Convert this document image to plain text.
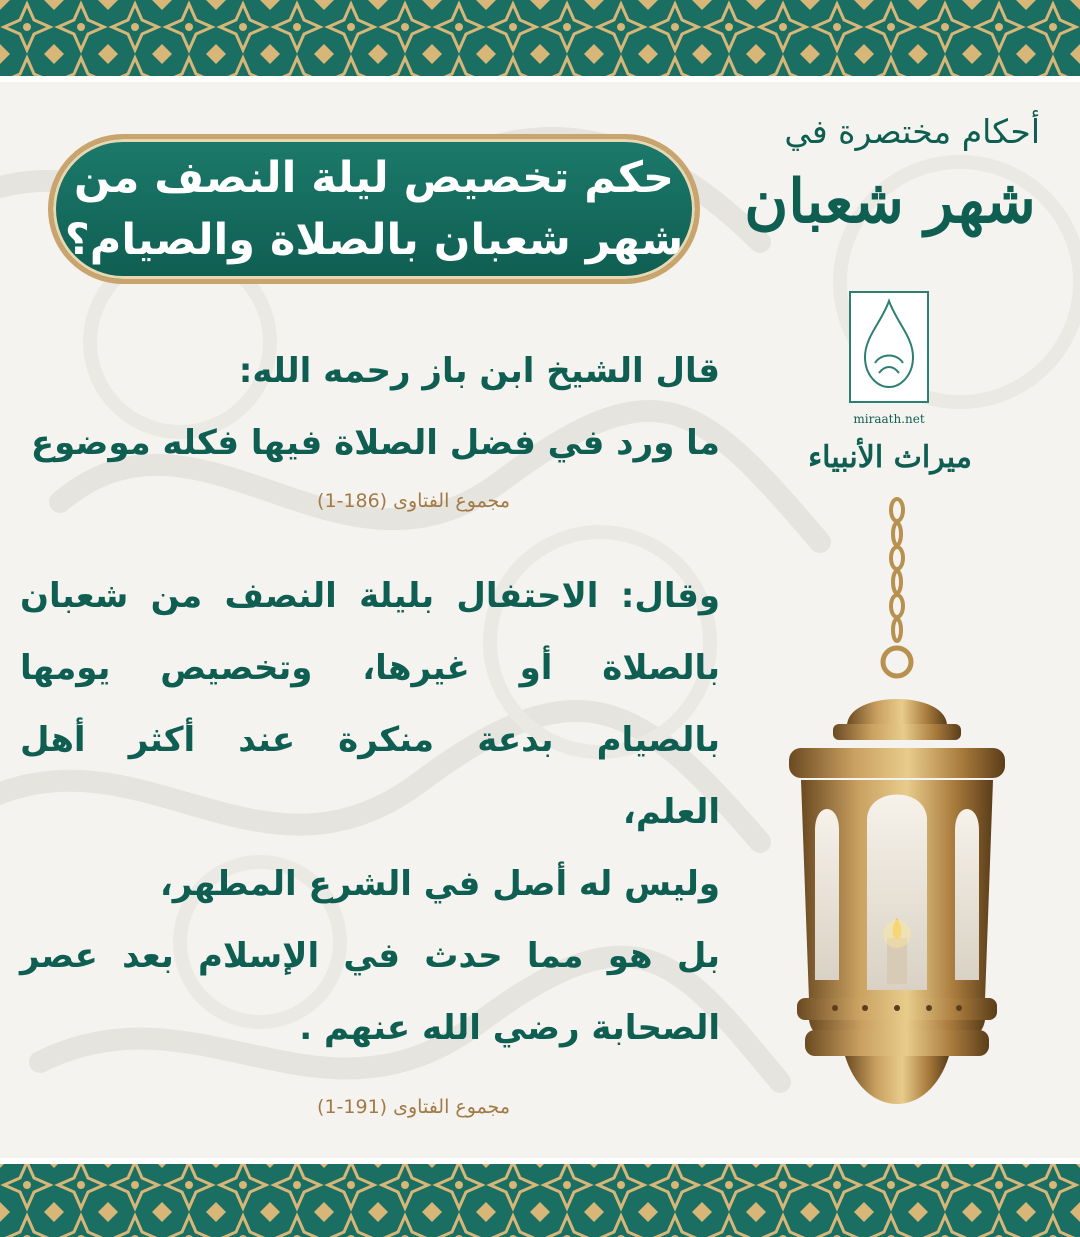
حكم تخصيص ليلة النصف من
شهر شعبان بالصلاة والصيام؟
أحكام مختصرة في
شهر شعبان
miraath.net
ميراث الأنبياء
قال الشيخ ابن باز رحمه الله:
ما ورد في فضل الصلاة فيها فكله موضوع
مجموع الفتاوى (186-1)
وقال: الاحتفال بليلة النصف من شعبان
بالصلاة أو غيرها، وتخصيص يومها
بالصيام بدعة منكرة عند أكثر أهل
العلم،
وليس له أصل في الشرع المطهر،
بل هو مما حدث في الإسلام بعد عصر
الصحابة رضي الله عنهم .
مجموع الفتاوى (191-1)
